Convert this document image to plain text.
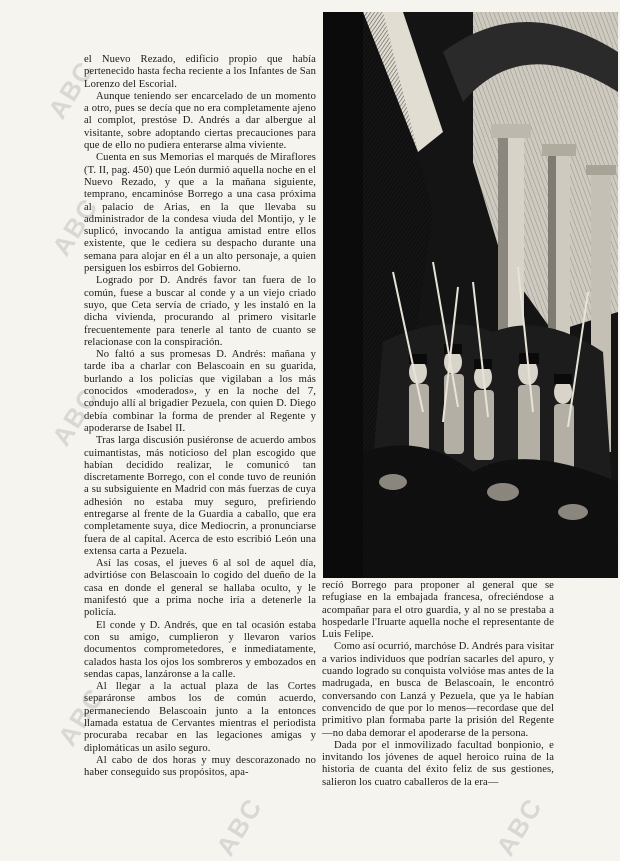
ABC
ABC
ABC
ABC
ABC	ABC

el Nuevo Rezado, edificio propio que había pertenecido hasta fecha reciente a los Infantes de San Lorenzo del Escorial.

Aunque teniendo ser encarcelado de un momento a otro, pues se decía que no era completamente ajeno al complot, prestóse D. Andrés a dar albergue al visitante, sobre adoptando ciertas precauciones para que de ello no pudiera enterarse alma viviente.

Cuenta en sus Memorias el marqués de Miraflores (T. II, pag. 450) que León durmió aquella noche en el Nuevo Rezado, y que a la mañana siguiente, temprano, encaminóse Borrego a una casa próxima al palacio de Arias, en la que llevaba su administrador de la condesa viuda del Montijo, y le suplicó, invocando la antigua amistad entre ellos existente, que le cediera su despacho durante una semana para alojar en él a un alto personaje, a quien persiguen los esbirros del Gobierno.

Logrado por D. Andrés favor tan fuera de lo común, fuese a buscar al conde y a un viejo criado suyo, que Ceta servía de criado, y les instaló en la dicha vivienda, procurando al primero visitarle frecuentemente para tenerle al tanto de cuanto se relacionase con la conspiración.

No faltó a sus promesas D. Andrés: mañana y tarde iba a charlar con Belascoain en su guarida, burlando a los policías que vigilaban a los más conocidos «moderados», y en la noche del 7, condujo allí al brigadier Pezuela, con quien D. Diego debía combinar la forma de prender al Regente y apoderarse de Isabel II.

Tras larga discusión pusiéronse de acuerdo ambos cuimantistas, más noticioso del plan escogido que habían decidido realizar, le comunicó tan discretamente Borrego, con el conde tuvo de reunión a su subsiguiente en Madrid con más fuerzas de cuya adhesión no estaba muy seguro, prefiriendo entregarse al frente de la Guardia a caballo, que era completamente suya, dice Mediocrin, a pronunciarse fuera de al capital. Acerca de esto escribió León una extensa carta a Pezuela.

Así las cosas, el jueves 6 al sol de aquel día, advirtióse con Belascoain lo cogido del dueño de la casa en donde el general se hallaba oculto, y le manifestó que a prima noche iría a detenerle la policía.

El conde y D. Andrés, que en tal ocasión estaba con su amigo, cumplieron y llevaron varios documentos comprometedores, e inmediatamente, calados hasta los ojos los sombreros y embozados en sendas capas, lanzáronse a la calle.

Al llegar a la actual plaza de las Cortes separáronse ambos los de común acuerdo, permaneciendo Belascoain junto a la entonces llamada estatua de Cervantes mientras el periodista procuraba recabar en las legaciones amigas y diplomáticas un asilo seguro.

Al cabo de dos horas y muy descorazonado no haber conseguido sus propósitos, apa-

recíó Borrego para proponer al general que se refugiase en la embajada francesa, ofreciéndose a acompañar para el otro guardia, y al no se prestaba a hospedarle l'Iruarte aquella noche el representante de Luis Felipe.

Como así ocurrió, marchóse D. Andrés para visitar a varios individuos que podrían sacarles del apuro, y cuando logrado su conquista volvióse mas antes de la madrugada, en busca de Belascoain, le encontró conversando con Lanzá y Pezuela, que ya le habían convencido de que por lo menos—recordase que del primitivo plan formaba parte la prisión del Regente—no daba demorar el apoderarse de la persona.

Dada por el inmovilizado facultad bonpionio, e invitando los jóvenes de aquel heroico ruina de la historia de cuanta del éxito feliz de sus gestiones, salieron los cuatro caballeros de la era—
